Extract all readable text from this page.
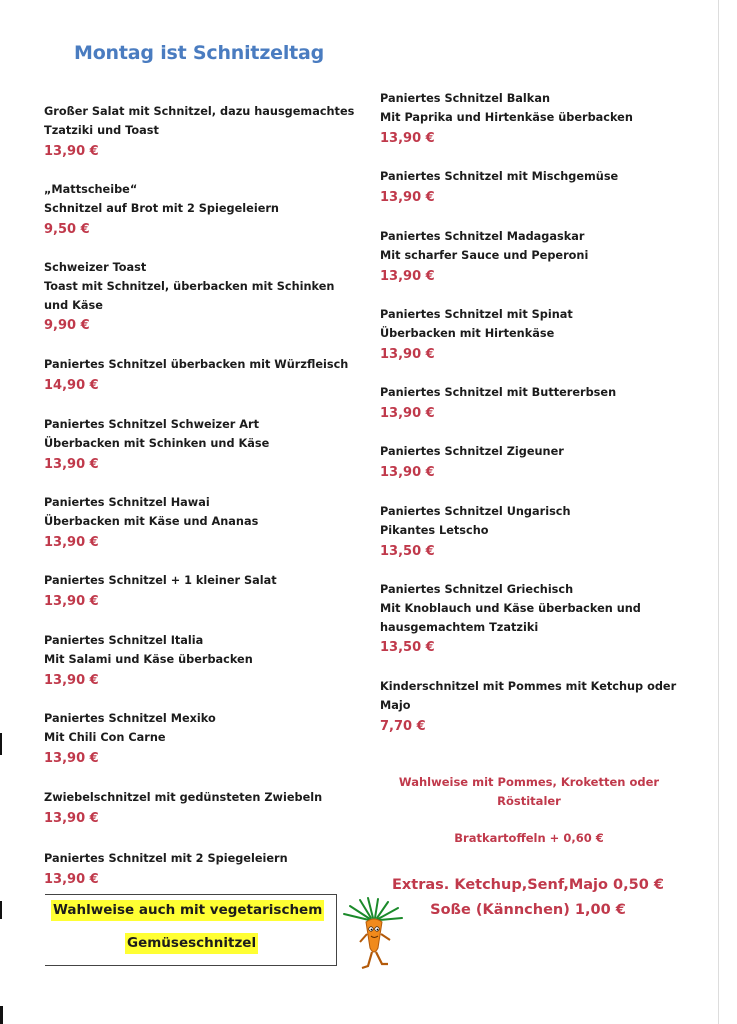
Montag ist Schnitzeltag
Großer Salat mit Schnitzel, dazu hausgemachtes
Tzatziki und Toast
13,90 €
„Mattscheibe“
Schnitzel auf Brot mit 2 Spiegeleiern
9,50 €
Schweizer Toast
Toast mit Schnitzel, überbacken mit Schinken
und Käse
9,90 €
Paniertes Schnitzel überbacken mit Würzfleisch
14,90 €
Paniertes Schnitzel Schweizer Art
Überbacken mit Schinken und Käse
13,90 €
Paniertes Schnitzel Hawai
Überbacken mit Käse und Ananas
13,90 €
Paniertes Schnitzel + 1 kleiner Salat
13,90 €
Paniertes Schnitzel Italia
Mit Salami und Käse überbacken
13,90 €
Paniertes Schnitzel Mexiko
Mit Chili Con Carne
13,90 €
Zwiebelschnitzel mit gedünsteten Zwiebeln
13,90 €
Paniertes Schnitzel mit 2 Spiegeleiern
13,90 €
Paniertes Schnitzel Balkan
Mit Paprika und Hirtenkäse überbacken
13,90 €
Paniertes Schnitzel mit Mischgemüse
13,90 €
Paniertes Schnitzel Madagaskar
Mit scharfer Sauce und Peperoni
13,90 €
Paniertes Schnitzel mit Spinat
Überbacken mit Hirtenkäse
13,90 €
Paniertes Schnitzel mit Buttererbsen
13,90 €
Paniertes Schnitzel Zigeuner
13,90 €
Paniertes Schnitzel Ungarisch
Pikantes Letscho
13,50 €
Paniertes Schnitzel Griechisch
Mit Knoblauch und Käse überbacken und
hausgemachtem Tzatziki
13,50 €
Kinderschnitzel mit Pommes mit Ketchup oder
Majo
7,70 €
Wahlweise mit Pommes, Kroketten oder
Röstitaler
Bratkartoffeln + 0,60 €
Extras. Ketchup,Senf,Majo 0,50 €
Soße (Kännchen) 1,00 €
Wahlweise auch mit vegetarischem
Gemüseschnitzel
